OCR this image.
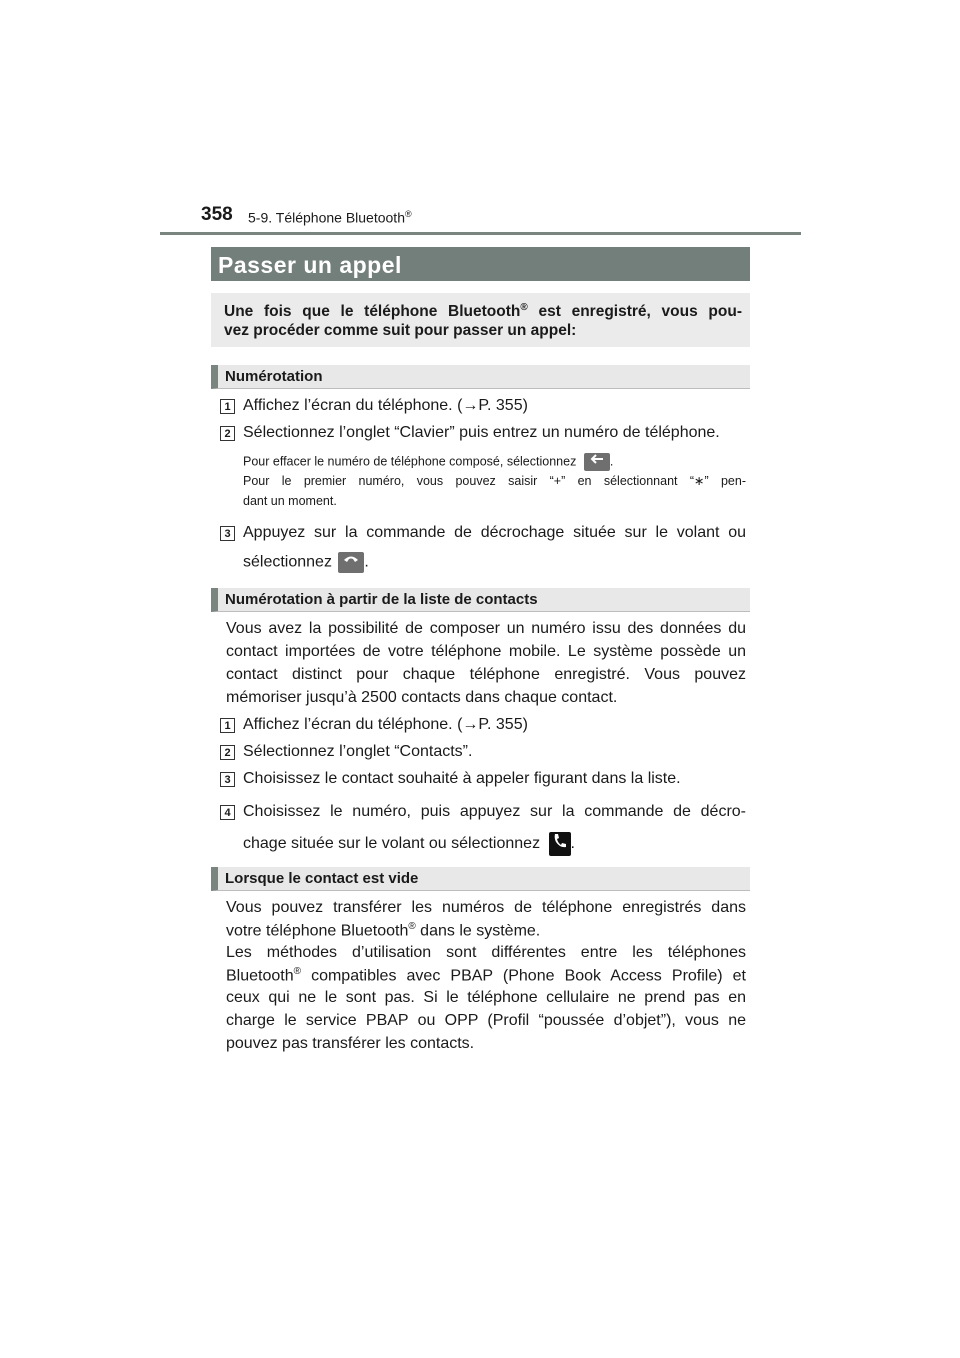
358 5-9. Téléphone Bluetooth®
Passer un appel
Une fois que le téléphone Bluetooth® est enregistré, vous pou-
vez procéder comme suit pour passer un appel:
Numérotation
1 Affichez l’écran du téléphone. (→P. 355)
2 Sélectionnez l’onglet “Clavier” puis entrez un numéro de téléphone.
Pour effacer le numéro de téléphone composé, sélectionnez	.
Pour le premier numéro, vous pouvez saisir “+” en sélectionnant “∗” pen-
dant un moment.
3 Appuyez sur la commande de décrochage située sur le volant ou
sélectionnez .
Numérotation à partir de la liste de contacts
Vous avez la possibilité de composer un numéro issu des données du
contact importées de votre téléphone mobile. Le système possède un
contact distinct pour chaque téléphone enregistré. Vous pouvez
mémoriser jusqu’à 2500 contacts dans chaque contact.
1 Affichez l’écran du téléphone. (→P. 355)
2 Sélectionnez l’onglet “Contacts”.
3 Choisissez le contact souhaité à appeler figurant dans la liste.
4 Choisissez le numéro, puis appuyez sur la commande de décro-
chage située sur le volant ou sélectionnez .
Lorsque le contact est vide
Vous pouvez transférer les numéros de téléphone enregistrés dans
votre téléphone Bluetooth® dans le système.
Les méthodes d’utilisation sont différentes entre les téléphones
Bluetooth® compatibles avec PBAP (Phone Book Access Profile) et
ceux qui ne le sont pas. Si le téléphone cellulaire ne prend pas en
charge le service PBAP ou OPP (Profil “poussée d’objet”), vous ne
pouvez pas transférer les contacts.
